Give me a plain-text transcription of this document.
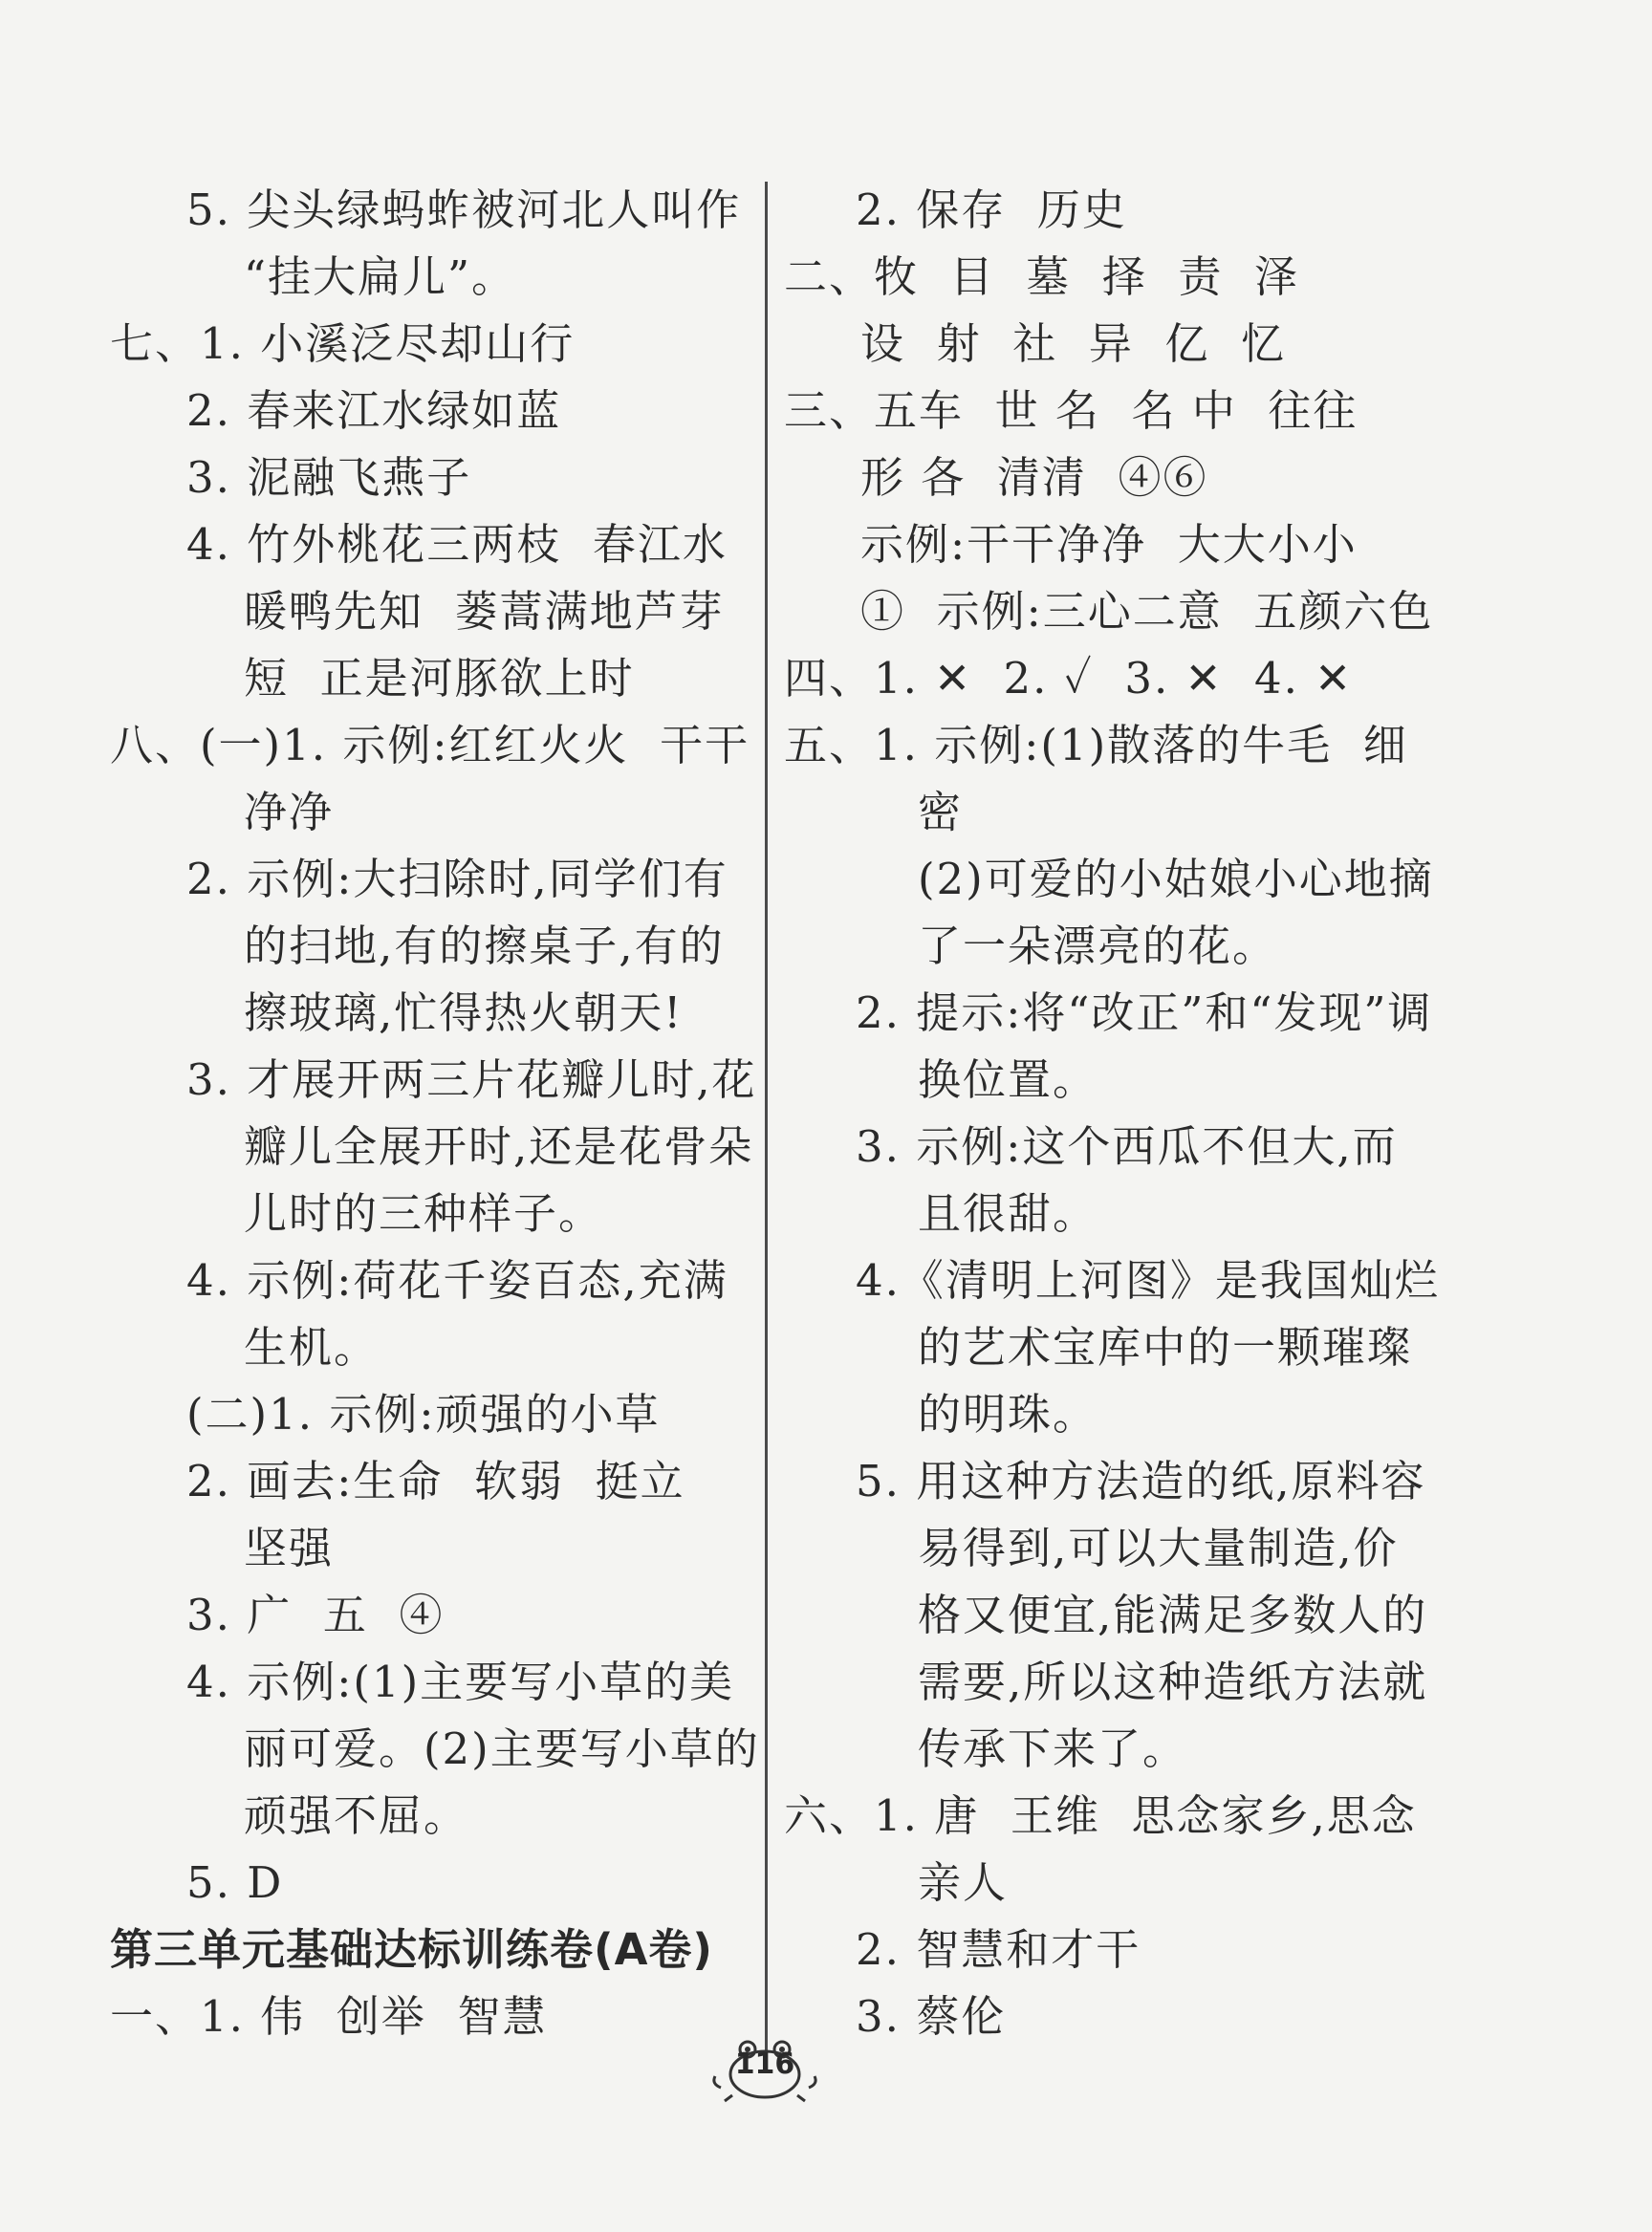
5. 尖头绿蚂蚱被河北人叫作
“挂大扁儿”。
七、1. 小溪泛尽却山行
2. 春来江水绿如蓝
3. 泥融飞燕子
4. 竹外桃花三两枝  春江水
暖鸭先知  蒌蒿满地芦芽
短  正是河豚欲上时
八、(一)1. 示例:红红火火  干干
净净
2. 示例:大扫除时,同学们有
的扫地,有的擦桌子,有的
擦玻璃,忙得热火朝天!
3. 才展开两三片花瓣儿时,花
瓣儿全展开时,还是花骨朵
儿时的三种样子。
4. 示例:荷花千姿百态,充满
生机。
(二)1. 示例:顽强的小草
2. 画去:生命  软弱  挺立
坚强
3. 广  五  ④
4. 示例:(1)主要写小草的美
丽可爱。(2)主要写小草的
顽强不屈。
5. D
第三单元基础达标训练卷(A卷)
一、1. 伟  创举  智慧
2. 保存  历史
二、牧  目  墓  择  责  泽
设  射  社  异  亿  忆
三、五车  世 名  名 中  往往
形 各  清清  ④⑥
示例:干干净净  大大小小
①  示例:三心二意  五颜六色
四、1. ✕  2. ✓  3. ✕  4. ✕
五、1. 示例:(1)散落的牛毛  细
密
(2)可爱的小姑娘小心地摘
了一朵漂亮的花。
2. 提示:将“改正”和“发现”调
换位置。
3. 示例:这个西瓜不但大,而
且很甜。
4.《清明上河图》是我国灿烂
的艺术宝库中的一颗璀璨
的明珠。
5. 用这种方法造的纸,原料容
易得到,可以大量制造,价
格又便宜,能满足多数人的
需要,所以这种造纸方法就
传承下来了。
六、1. 唐  王维  思念家乡,思念
亲人
2. 智慧和才干
3. 蔡伦
116
